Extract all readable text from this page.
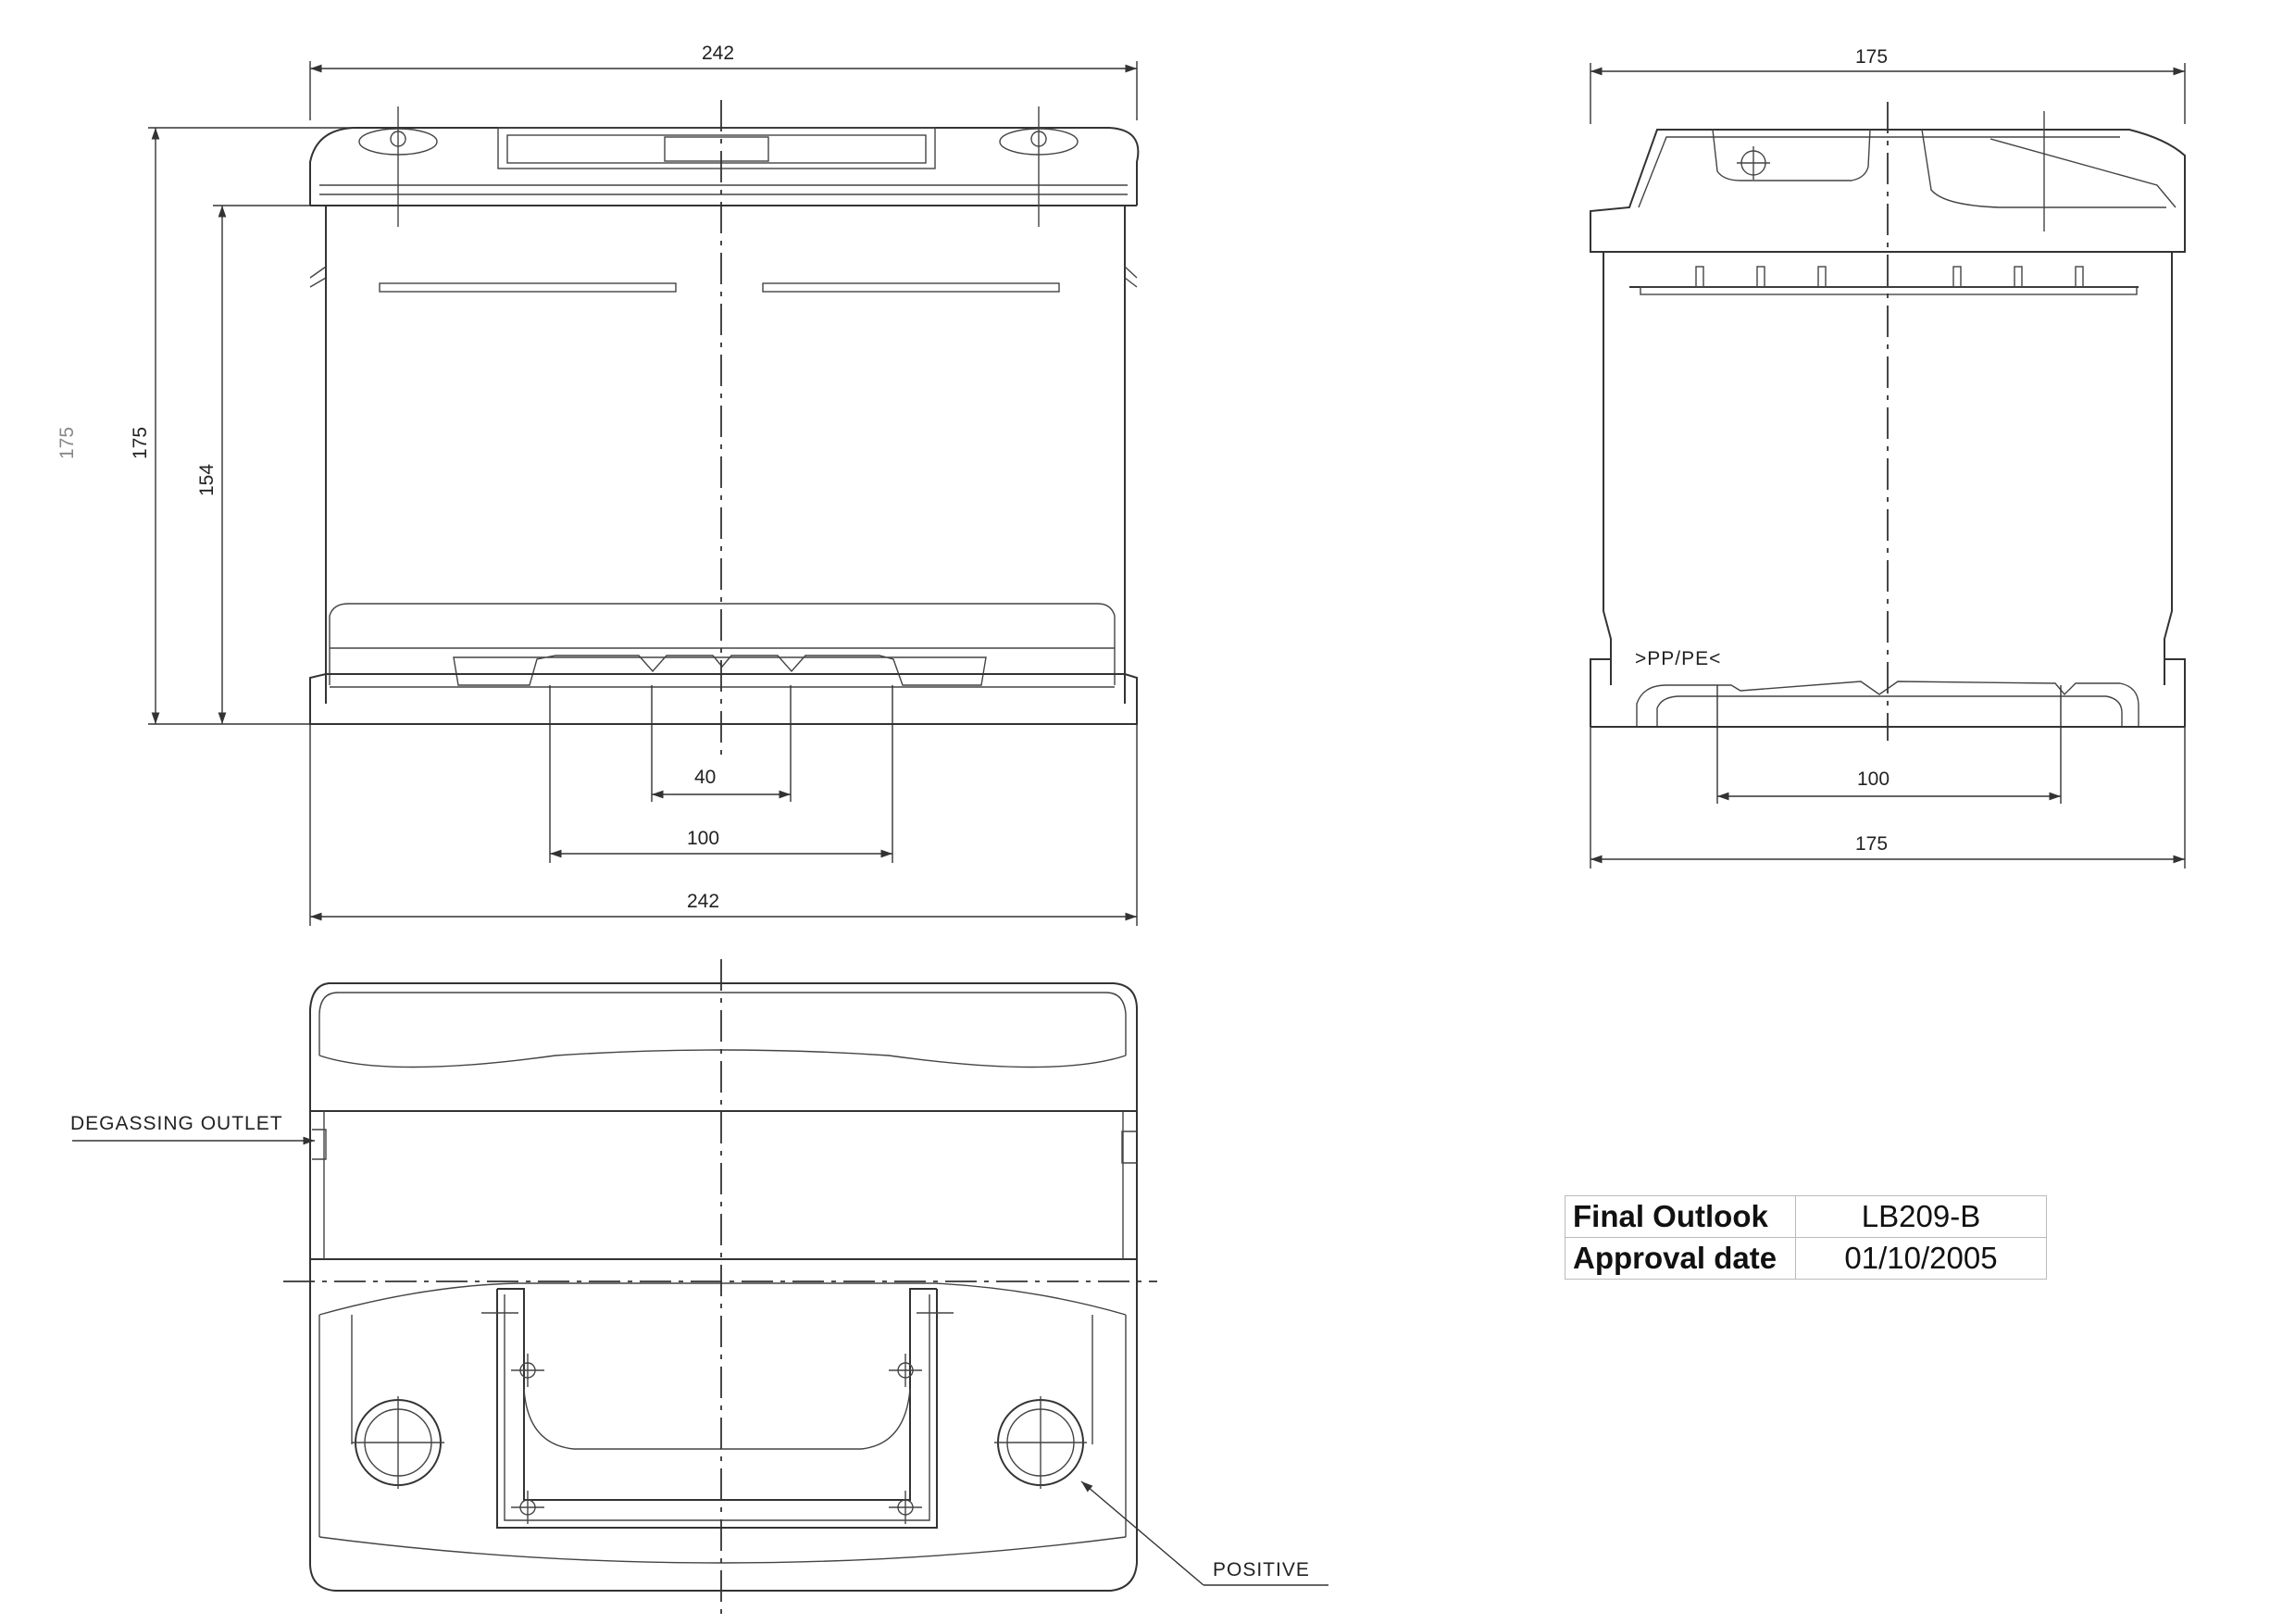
242
175
175
154
40
100
242
>PP/PE<
175
100
175
DEGASSING OUTLET
POSITIVE
Final Outlook	LB209-B
Approval date	01/10/2005
